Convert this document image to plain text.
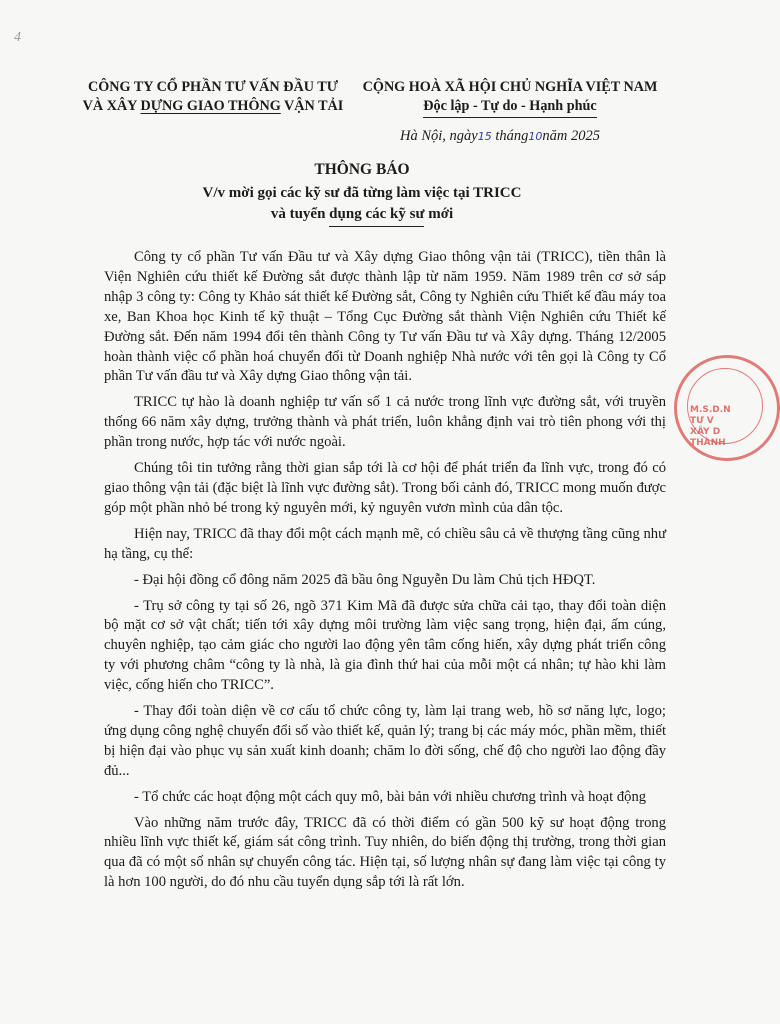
4
CÔNG TY CỔ PHẦN TƯ VẤN ĐẦU TƯ
VÀ XÂY DỰNG GIAO THÔNG VẬN TẢI
CỘNG HOÀ XÃ HỘI CHỦ NGHĨA VIỆT NAM
Độc lập - Tự do - Hạnh phúc
Hà Nội, ngày15 tháng10năm 2025
THÔNG BÁO
V/v mời gọi các kỹ sư đã từng làm việc tại TRICC
và tuyển dụng các kỹ sư mới

Công ty cổ phần Tư vấn Đầu tư và Xây dựng Giao thông vận tải (TRICC), tiền thân là Viện Nghiên cứu thiết kế Đường sắt được thành lập từ năm 1959. Năm 1989 trên cơ sở sáp nhập 3 công ty: Công ty Khảo sát thiết kế Đường sắt, Công ty Nghiên cứu Thiết kế đầu máy toa xe, Ban Khoa học Kinh tế kỹ thuật – Tổng Cục Đường sắt thành Viện Nghiên cứu Thiết kế Đường sắt. Đến năm 1994 đổi tên thành Công ty Tư vấn Đầu tư và Xây dựng. Tháng 12/2005 hoàn thành việc cổ phần hoá chuyển đổi từ Doanh nghiệp Nhà nước với tên gọi là Công ty Cổ phần Tư vấn đầu tư và Xây dựng Giao thông vận tải.

TRICC tự hào là doanh nghiệp tư vấn số 1 cả nước trong lĩnh vực đường sắt, với truyền thống 66 năm xây dựng, trưởng thành và phát triển, luôn khẳng định vai trò tiên phong với thị phần trong nước, hợp tác với nước ngoài.

Chúng tôi tin tưởng rằng thời gian sắp tới là cơ hội để phát triển đa lĩnh vực, trong đó có giao thông vận tải (đặc biệt là lĩnh vực đường sắt). Trong bối cảnh đó, TRICC mong muốn được góp một phần nhỏ bé trong kỷ nguyên mới, kỷ nguyên vươn mình của dân tộc.

Hiện nay, TRICC đã thay đổi một cách mạnh mẽ, có chiều sâu cả về thượng tầng cũng như hạ tầng, cụ thể:

- Đại hội đồng cổ đông năm 2025 đã bầu ông Nguyễn Du làm Chủ tịch HĐQT.

- Trụ sở công ty tại số 26, ngõ 371 Kim Mã đã được sửa chữa cải tạo, thay đổi toàn diện bộ mặt cơ sở vật chất; tiến tới xây dựng môi trường làm việc sang trọng, hiện đại, ấm cúng, chuyên nghiệp, tạo cảm giác cho người lao động yên tâm cống hiến, xây dựng phát triển công ty với phương châm “công ty là nhà, là gia đình thứ hai của mỗi một cá nhân; tự hào khi làm việc, cống hiến cho TRICC”.

- Thay đổi toàn diện về cơ cấu tổ chức công ty, làm lại trang web, hồ sơ năng lực, logo; ứng dụng công nghệ chuyển đổi số vào thiết kế, quản lý; trang bị các máy móc, phần mềm, thiết bị hiện đại vào phục vụ sản xuất kinh doanh; chăm lo đời sống, chế độ cho người lao động đầy đủ...

- Tổ chức các hoạt động một cách quy mô, bài bản với nhiều chương trình và hoạt động

Vào những năm trước đây, TRICC đã có thời điểm có gần 500 kỹ sư hoạt động trong nhiều lĩnh vực thiết kế, giám sát công trình. Tuy nhiên, do biến động thị trường, trong thời gian qua đã có một số nhân sự chuyển công tác. Hiện tại, số lượng nhân sự đang làm việc tại công ty là hơn 100 người, do đó nhu cầu tuyển dụng sắp tới là rất lớn.

M.S.D.N
TƯ V
XÂY D
THÀNH
